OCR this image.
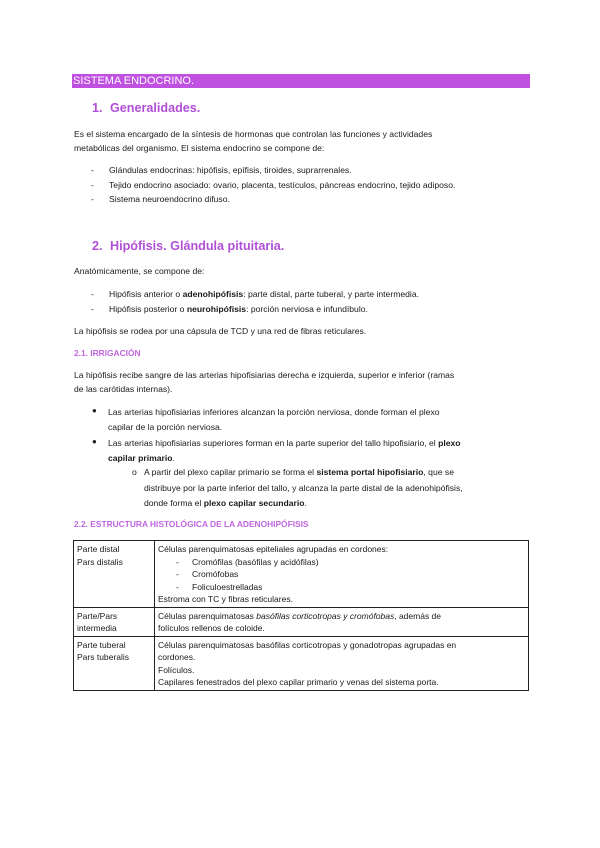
SISTEMA ENDOCRINO.
1. Generalidades.
Es el sistema encargado de la síntesis de hormonas que controlan las funciones y actividades
metabólicas del organismo. El sistema endocrino se compone de:
- Glándulas endocrinas: hipófisis, epífisis, tiroides, suprarrenales.
- Tejido endocrino asociado: ovario, placenta, testículos, páncreas endocrino, tejido adiposo.
- Sistema neuroendocrino difuso.
2. Hipófisis. Glándula pituitaria.
Anatómicamente, se compone de:
- Hipófisis anterior o adenohipófisis: parte distal, parte tuberal, y parte intermedia.
- Hipófisis posterior o neurohipófisis: porción nerviosa e infundíbulo.
La hipófisis se rodea por una cápsula de TCD y una red de fibras reticulares.
2.1. IRRIGACIÓN
La hipófisis recibe sangre de las arterias hipofisiarias derecha e izquierda, superior e inferior (ramas
de las carótidas internas).
● Las arterias hipofisiarias inferiores alcanzan la porción nerviosa, donde forman el plexo
capilar de la porción nerviosa.
● Las arterias hipofisiarias superiores forman en la parte superior del tallo hipofisiario, el plexo
capilar primario.
o A partir del plexo capilar primario se forma el sistema portal hipofisiario, que se
distribuye por la parte inferior del tallo, y alcanza la parte distal de la adenohipófisis,
donde forma el plexo capilar secundario.
2.2. ESTRUCTURA HISTOLÓGICA DE LA ADENOHIPÓFISIS
Parte distal
Pars distalis	Células parenquimatosas epiteliales agrupadas en cordones:
- Cromófilas (basófilas y acidófilas)
- Cromófobas
- Foliculoestrelladas
Estroma con TC y fibras reticulares.

Parte/Pars
intermedia	Células parenquimatosas basófilas corticotropas y cromófobas, además de
folículos rellenos de coloide.

Parte tuberal
Pars tuberalis	Células parenquimatosas basófilas corticotropas y gonadotropas agrupadas en
cordones.
Folículos.
Capilares fenestrados del plexo capilar primario y venas del sistema porta.
